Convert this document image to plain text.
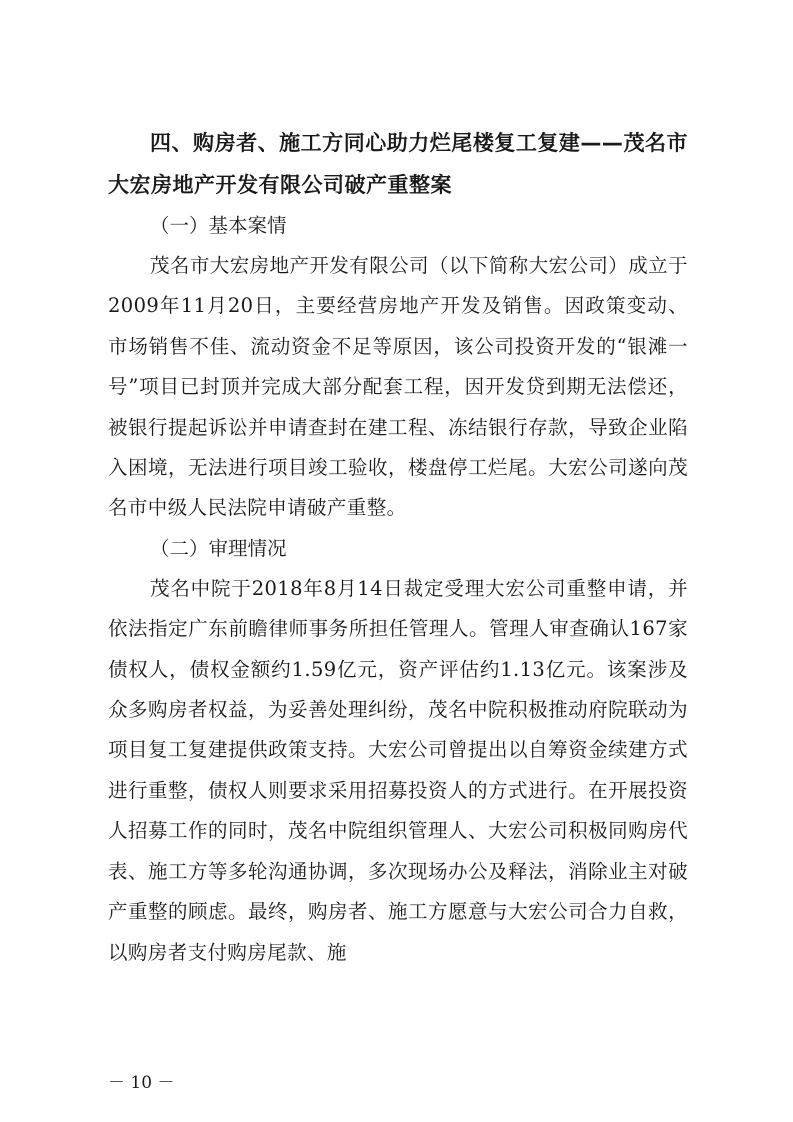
四、购房者、施工方同心助力烂尾楼复工复建——茂名市大宏房地产开发有限公司破产重整案

（一）基本案情

茂名市大宏房地产开发有限公司（以下简称大宏公司）成立于2009年11月20日，主要经营房地产开发及销售。因政策变动、市场销售不佳、流动资金不足等原因，该公司投资开发的“银滩一号”项目已封顶并完成大部分配套工程，因开发贷到期无法偿还，被银行提起诉讼并申请查封在建工程、冻结银行存款，导致企业陷入困境，无法进行项目竣工验收，楼盘停工烂尾。大宏公司遂向茂名市中级人民法院申请破产重整。

（二）审理情况

茂名中院于2018年8月14日裁定受理大宏公司重整申请，并依法指定广东前瞻律师事务所担任管理人。管理人审查确认167家债权人，债权金额约1.59亿元，资产评估约1.13亿元。该案涉及众多购房者权益，为妥善处理纠纷，茂名中院积极推动府院联动为项目复工复建提供政策支持。大宏公司曾提出以自筹资金续建方式进行重整，债权人则要求采用招募投资人的方式进行。在开展投资人招募工作的同时，茂名中院组织管理人、大宏公司积极同购房代表、施工方等多轮沟通协调，多次现场办公及释法，消除业主对破产重整的顾虑。最终，购房者、施工方愿意与大宏公司合力自救，以购房者支付购房尾款、施

－ 10 －
